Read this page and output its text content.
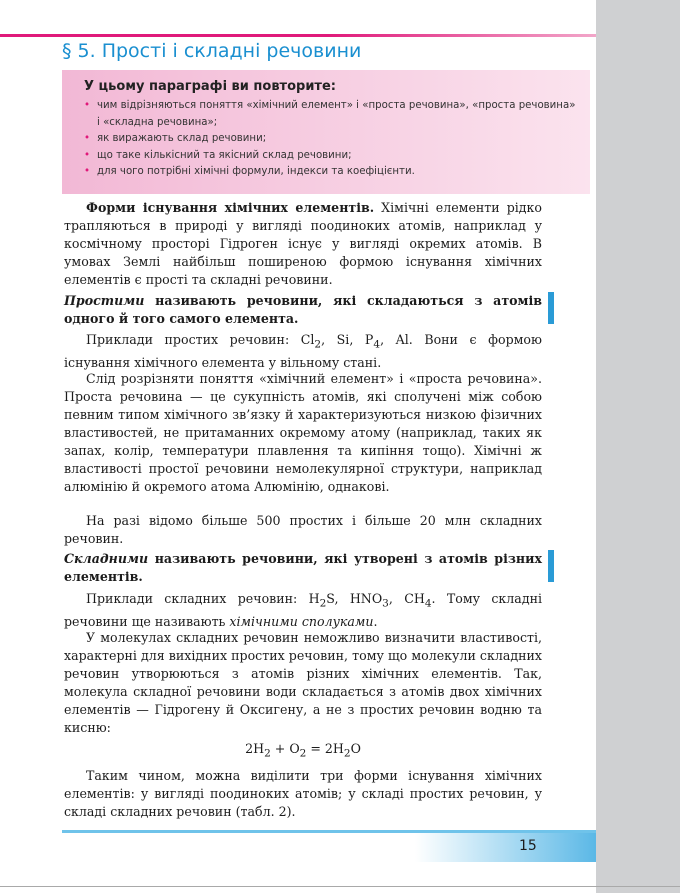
§ 5. Прості і складні речовини
У цьому параграфі ви повторите:
• чим відрізняються поняття «хімічний елемент» і «проста речовина», «проста речовина» і «складна речовина»;
• як виражають склад речовини;
• що таке кількісний та якісний склад речовини;
• для чого потрібні хімічні формули, індекси та коефіцієнти.

Форми існування хімічних елементів. Хімічні елементи рідко трапляються в природі у вигляді поодиноких атомів, наприклад у космічному просторі Гідроген існує у вигляді окремих атомів. В умовах Землі найбільш поширеною формою існування хімічних елементів є прості та складні речовини.

Простими називають речовини, які складаються з атомів одного й того самого елемента.

Приклади простих речовин: $Cl_2$, Si, $P_4$, Al. Вони є формою існування хімічного елемента у вільному стані.

Слід розрізняти поняття «хімічний елемент» і «проста речовина». Проста речовина — це сукупність атомів, які сполучені між собою певним типом хімічного зв’язку й характеризуються низкою фізичних властивостей, не притаманних окремому атому (наприклад, таких як запах, колір, температури плавлення та кипіння тощо). Хімічні ж властивості простої речовини немолекулярної структури, наприклад алюмінію й окремого атома Алюмінію, однакові.

На разі відомо більше 500 простих і більше 20 млн складних речовин.

Складними називають речовини, які утворені з атомів різних елементів.

Приклади складних речовин: $H_2S$, $HNO_3$, $CH_4$. Тому складні речовини ще називають хімічними сполуками.

У молекулах складних речовин неможливо визначити властивості, характерні для вихідних простих речовин, тому що молекули складних речовин утворюються з атомів різних хімічних елементів. Так, молекула складної речовини води складається з атомів двох хімічних елементів — Гідрогену й Оксигену, а не з простих речовин водню та кисню:

$2H_2 + O_2 = 2H_2O$

Таким чином, можна виділити три форми існування хімічних елементів: у вигляді поодиноких атомів; у складі простих речовин, у складі складних речовин (табл. 2).

15
